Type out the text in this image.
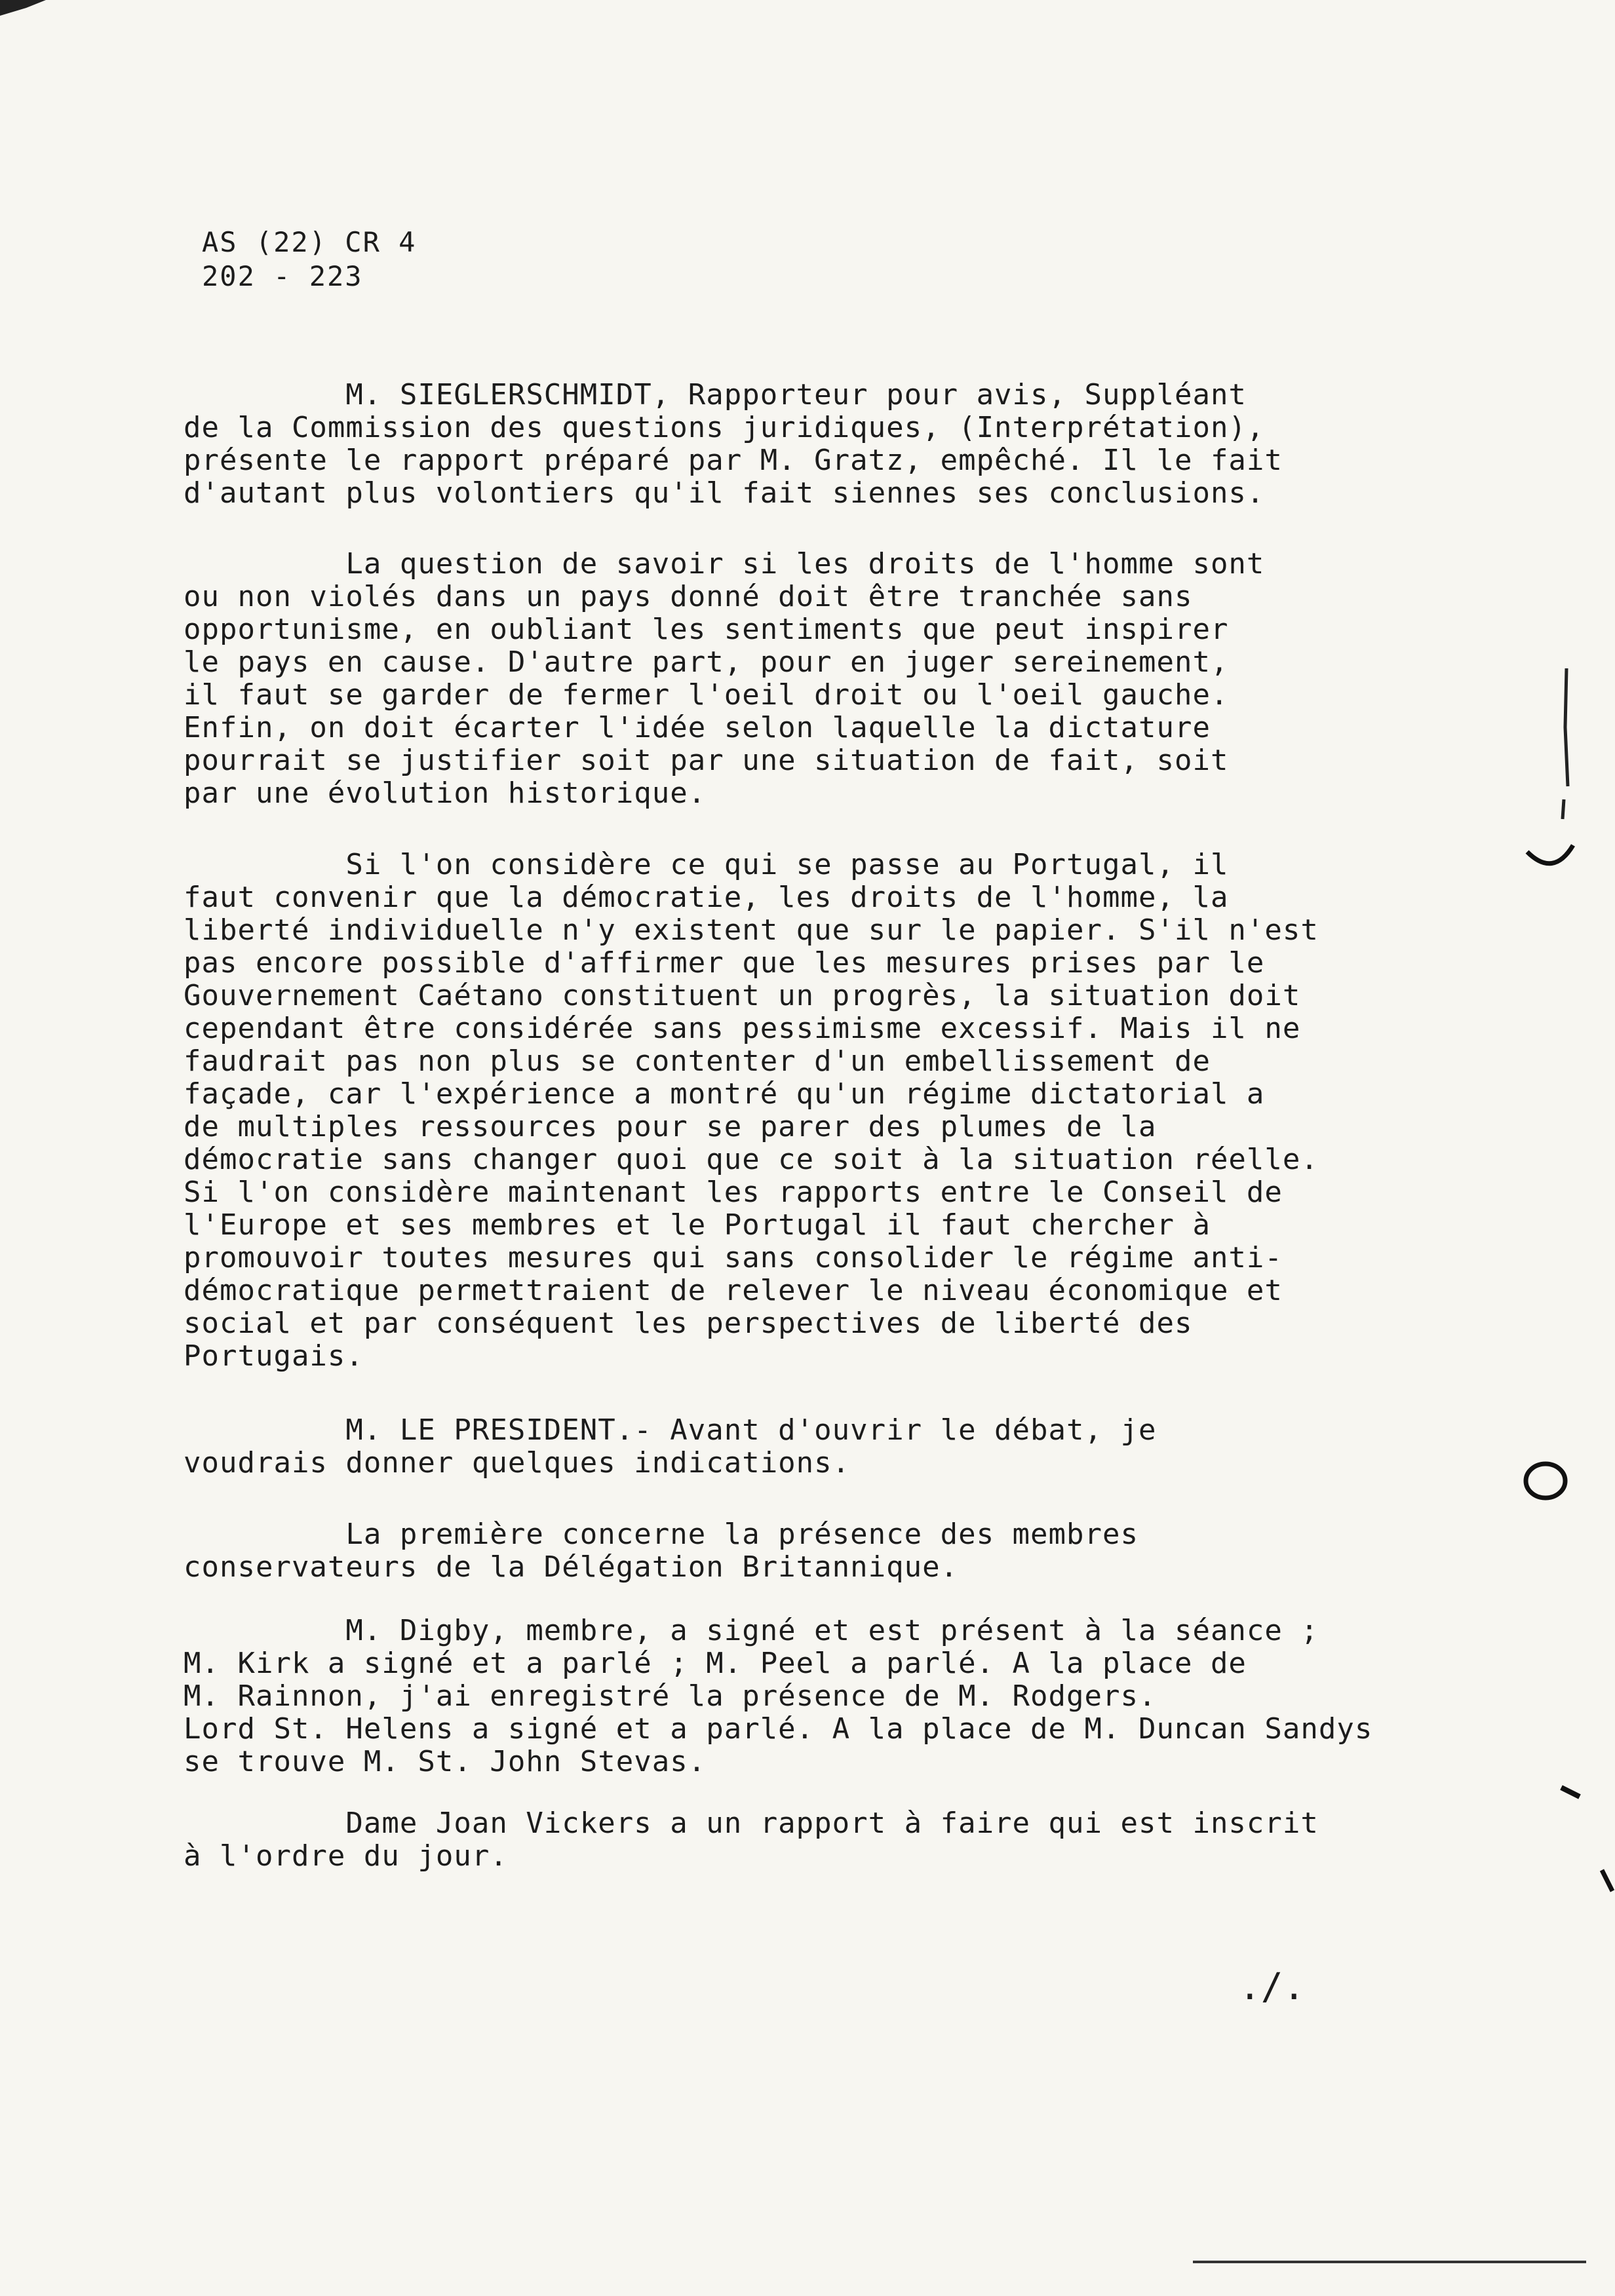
AS (22) CR 4
202 - 223
M. SIEGLERSCHMIDT, Rapporteur pour avis, Suppléant
de la Commission des questions juridiques, (Interprétation),
présente le rapport préparé par M. Gratz, empêché. Il le fait
d'autant plus volontiers qu'il fait siennes ses conclusions.
La question de savoir si les droits de l'homme sont
ou non violés dans un pays donné doit être tranchée sans
opportunisme, en oubliant les sentiments que peut inspirer
le pays en cause. D'autre part, pour en juger sereinement,
il faut se garder de fermer l'oeil droit ou l'oeil gauche.
Enfin, on doit écarter l'idée selon laquelle la dictature
pourrait se justifier soit par une situation de fait, soit
par une évolution historique.
Si l'on considère ce qui se passe au Portugal, il
faut convenir que la démocratie, les droits de l'homme, la
liberté individuelle n'y existent que sur le papier. S'il n'est
pas encore possible d'affirmer que les mesures prises par le
Gouvernement Caétano constituent un progrès, la situation doit
cependant être considérée sans pessimisme excessif. Mais il ne
faudrait pas non plus se contenter d'un embellissement de
façade, car l'expérience a montré qu'un régime dictatorial a
de multiples ressources pour se parer des plumes de la
démocratie sans changer quoi que ce soit à la situation réelle.
Si l'on considère maintenant les rapports entre le Conseil de
l'Europe et ses membres et le Portugal il faut chercher à
promouvoir toutes mesures qui sans consolider le régime anti-
démocratique permettraient de relever le niveau économique et
social et par conséquent les perspectives de liberté des
Portugais.
M. LE PRESIDENT.- Avant d'ouvrir le débat, je
voudrais donner quelques indications.
La première concerne la présence des membres
conservateurs de la Délégation Britannique.
M. Digby, membre, a signé et est présent à la séance ;
M. Kirk a signé et a parlé ; M. Peel a parlé. A la place de
M. Rainnon, j'ai enregistré la présence de M. Rodgers.
Lord St. Helens a signé et a parlé. A la place de M. Duncan Sandys
se trouve M. St. John Stevas.
Dame Joan Vickers a un rapport à faire qui est inscrit
à l'ordre du jour.
./.
